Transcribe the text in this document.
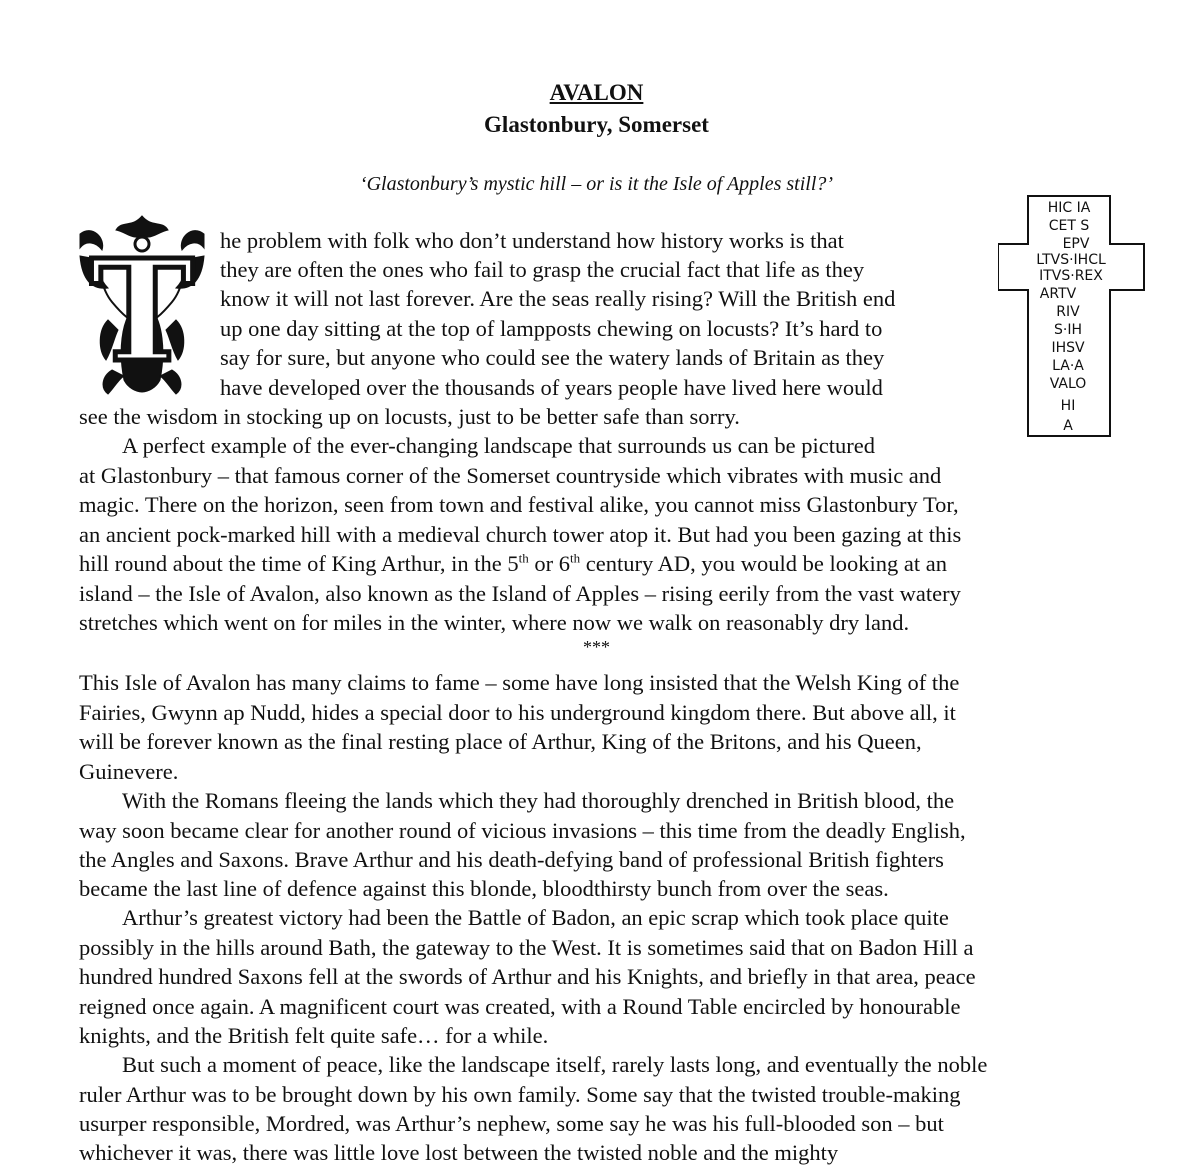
AVALON
Glastonbury, Somerset
‘Glastonbury’s mystic hill – or is it the Isle of Apples still?’
T
HIC IA
CET S
EPV
LTVS·IHCL
ITVS·REX
ARTV
RIV
S·IH
IHSV
LA·A
VALO
HI
A
he problem with folk who don’t understand how history works is that
they are often the ones who fail to grasp the crucial fact that life as they
know it will not last forever. Are the seas really rising? Will the British end
up one day sitting at the top of lampposts chewing on locusts? It’s hard to
say for sure, but anyone who could see the watery lands of Britain as they
have developed over the thousands of years people have lived here would
see the wisdom in stocking up on locusts, just to be better safe than sorry.
A perfect example of the ever-changing landscape that surrounds us can be pictured
at Glastonbury – that famous corner of the Somerset countryside which vibrates with music and
magic. There on the horizon, seen from town and festival alike, you cannot miss Glastonbury Tor,
an ancient pock-marked hill with a medieval church tower atop it. But had you been gazing at this
hill round about the time of King Arthur, in the 5th or 6th century AD, you would be looking at an
island – the Isle of Avalon, also known as the Island of Apples – rising eerily from the vast watery
stretches which went on for miles in the winter, where now we walk on reasonably dry land.
***
This Isle of Avalon has many claims to fame – some have long insisted that the Welsh King of the
Fairies, Gwynn ap Nudd, hides a special door to his underground kingdom there. But above all, it
will be forever known as the final resting place of Arthur, King of the Britons, and his Queen,
Guinevere.
With the Romans fleeing the lands which they had thoroughly drenched in British blood, the
way soon became clear for another round of vicious invasions – this time from the deadly English,
the Angles and Saxons. Brave Arthur and his death-defying band of professional British fighters
became the last line of defence against this blonde, bloodthirsty bunch from over the seas.
Arthur’s greatest victory had been the Battle of Badon, an epic scrap which took place quite
possibly in the hills around Bath, the gateway to the West. It is sometimes said that on Badon Hill a
hundred hundred Saxons fell at the swords of Arthur and his Knights, and briefly in that area, peace
reigned once again. A magnificent court was created, with a Round Table encircled by honourable
knights, and the British felt quite safe… for a while.
But such a moment of peace, like the landscape itself, rarely lasts long, and eventually the noble
ruler Arthur was to be brought down by his own family. Some say that the twisted trouble-making
usurper responsible, Mordred, was Arthur’s nephew, some say he was his full-blooded son – but
whichever it was, there was little love lost between the twisted noble and the mighty
